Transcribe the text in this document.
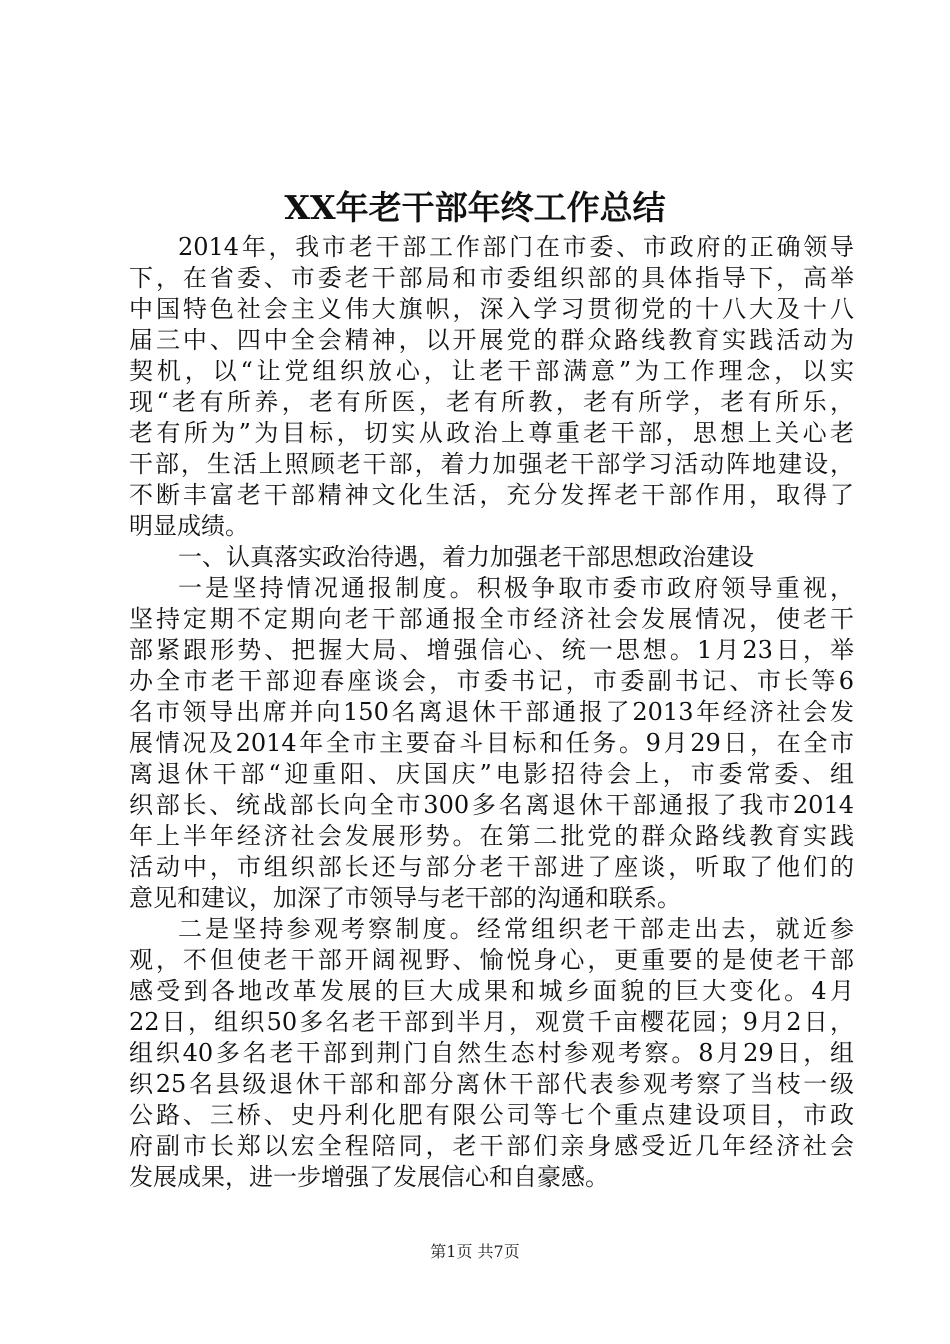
XX年老干部年终工作总结
2014年，我市老干部工作部门在市委、市政府的正确领导
下，在省委、市委老干部局和市委组织部的具体指导下，高举
中国特色社会主义伟大旗帜，深入学习贯彻党的十八大及十八
届三中、四中全会精神，以开展党的群众路线教育实践活动为
契机，以“让党组织放心，让老干部满意”为工作理念，以实
现“老有所养，老有所医，老有所教，老有所学，老有所乐，
老有所为”为目标，切实从政治上尊重老干部，思想上关心老
干部，生活上照顾老干部，着力加强老干部学习活动阵地建设，
不断丰富老干部精神文化生活，充分发挥老干部作用，取得了
明显成绩。
一、认真落实政治待遇，着力加强老干部思想政治建设
一是坚持情况通报制度。积极争取市委市政府领导重视，
坚持定期不定期向老干部通报全市经济社会发展情况，使老干
部紧跟形势、把握大局、增强信心、统一思想。1月23日，举
办全市老干部迎春座谈会，市委书记，市委副书记、市长等6
名市领导出席并向150名离退休干部通报了2013年经济社会发
展情况及2014年全市主要奋斗目标和任务。9月29日，在全市
离退休干部“迎重阳、庆国庆”电影招待会上，市委常委、组
织部长、统战部长向全市300多名离退休干部通报了我市2014
年上半年经济社会发展形势。在第二批党的群众路线教育实践
活动中，市组织部长还与部分老干部进了座谈，听取了他们的
意见和建议，加深了市领导与老干部的沟通和联系。
二是坚持参观考察制度。经常组织老干部走出去，就近参
观，不但使老干部开阔视野、愉悦身心，更重要的是使老干部
感受到各地改革发展的巨大成果和城乡面貌的巨大变化。4月
22日，组织50多名老干部到半月，观赏千亩樱花园；9月2日，
组织40多名老干部到荆门自然生态村参观考察。8月29日，组
织25名县级退休干部和部分离休干部代表参观考察了当枝一级
公路、三桥、史丹利化肥有限公司等七个重点建设项目，市政
府副市长郑以宏全程陪同，老干部们亲身感受近几年经济社会
发展成果，进一步增强了发展信心和自豪感。
第1页 共7页
